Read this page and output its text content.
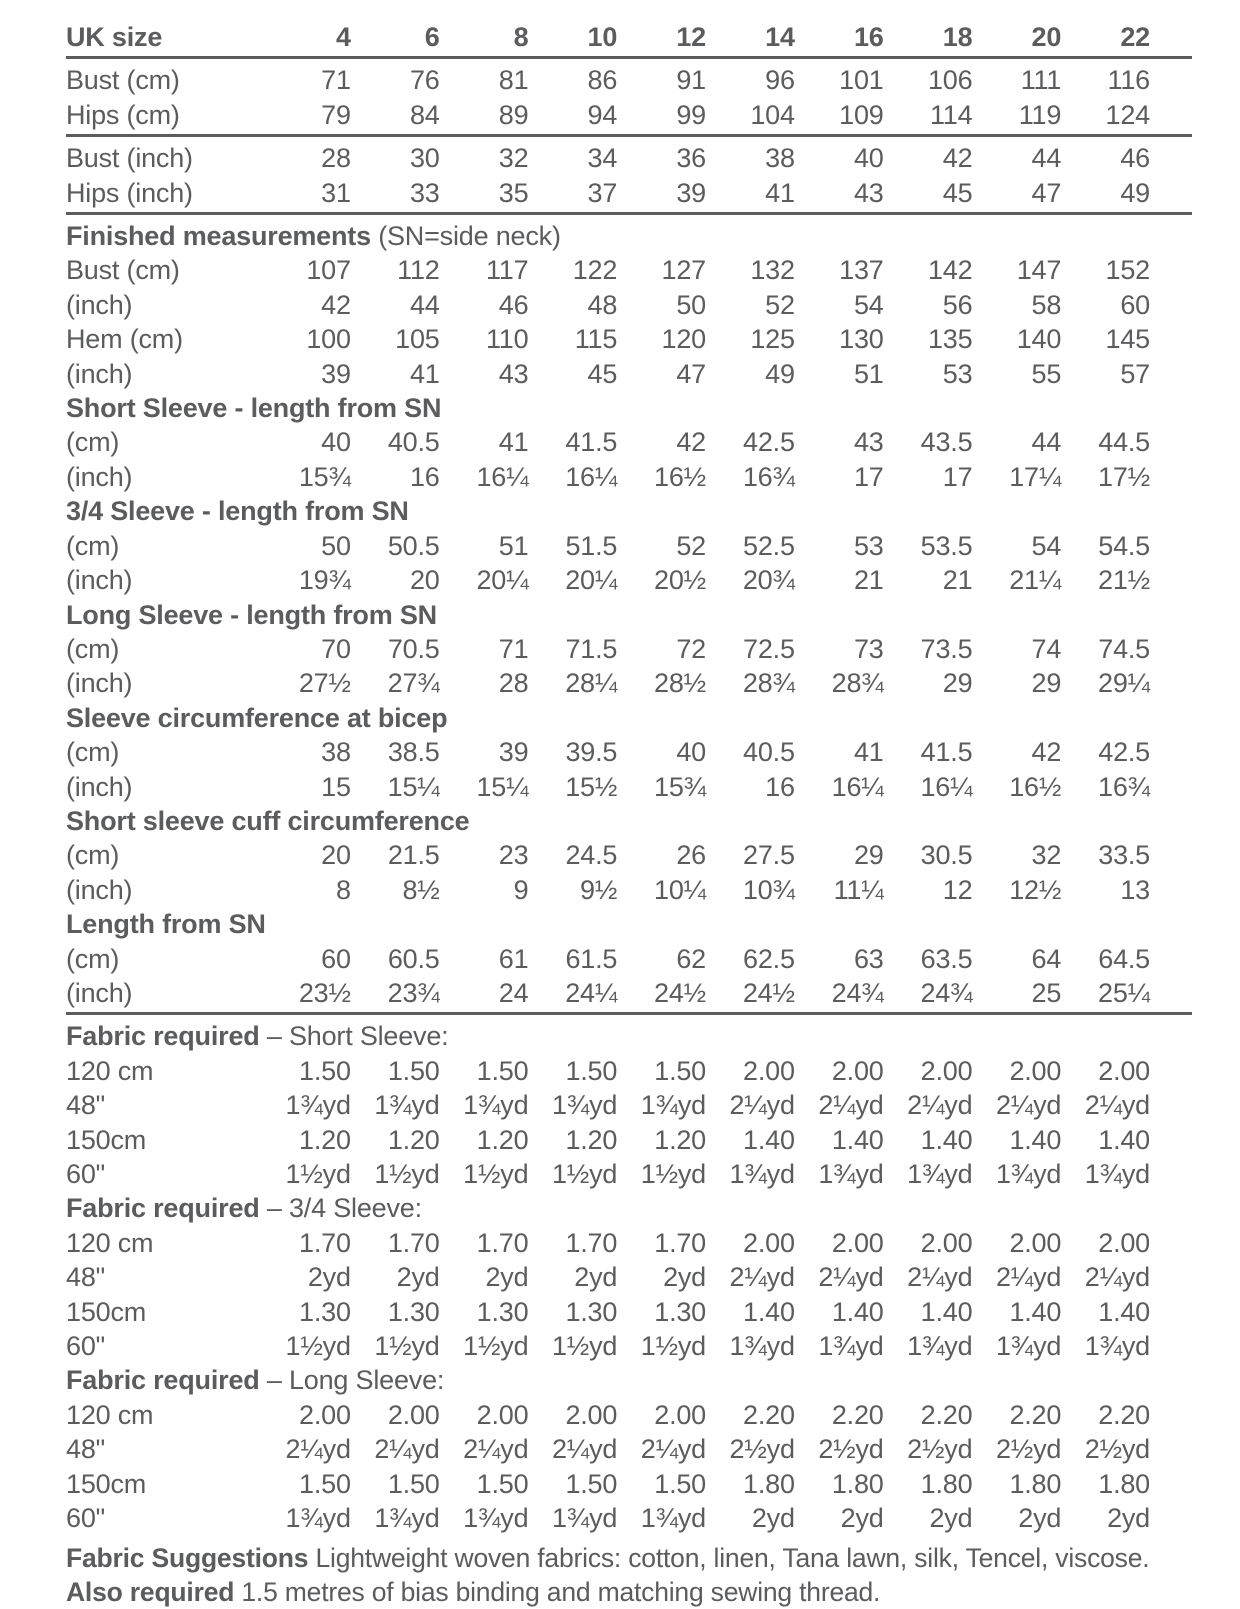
UK size	4	6	8	10	12	14	16	18	20	22
Bust (cm)	71	76	81	86	91	96	101	106	111	116
Hips (cm)	79	84	89	94	99	104	109	114	119	124
Bust (inch)	28	30	32	34	36	38	40	42	44	46
Hips (inch)	31	33	35	37	39	41	43	45	47	49
Finished measurements (SN=side neck)
Bust (cm)	107	112	117	122	127	132	137	142	147	152
(inch)	42	44	46	48	50	52	54	56	58	60
Hem (cm)	100	105	110	115	120	125	130	135	140	145
(inch)	39	41	43	45	47	49	51	53	55	57
Short Sleeve - length from SN
(cm)	40	40.5	41	41.5	42	42.5	43	43.5	44	44.5
(inch)	15¾	16	16¼	16¼	16½	16¾	17	17	17¼	17½
3/4 Sleeve - length from SN
(cm)	50	50.5	51	51.5	52	52.5	53	53.5	54	54.5
(inch)	19¾	20	20¼	20¼	20½	20¾	21	21	21¼	21½
Long Sleeve - length from SN
(cm)	70	70.5	71	71.5	72	72.5	73	73.5	74	74.5
(inch)	27½	27¾	28	28¼	28½	28¾	28¾	29	29	29¼
Sleeve circumference at bicep
(cm)	38	38.5	39	39.5	40	40.5	41	41.5	42	42.5
(inch)	15	15¼	15¼	15½	15¾	16	16¼	16¼	16½	16¾
Short sleeve cuff circumference
(cm)	20	21.5	23	24.5	26	27.5	29	30.5	32	33.5
(inch)	8	8½	9	9½	10¼	10¾	11¼	12	12½	13
Length from SN
(cm)	60	60.5	61	61.5	62	62.5	63	63.5	64	64.5
(inch)	23½	23¾	24	24¼	24½	24½	24¾	24¾	25	25¼
Fabric required – Short Sleeve:
120 cm	1.50	1.50	1.50	1.50	1.50	2.00	2.00	2.00	2.00	2.00
48"	1¾yd 1¾yd 1¾yd 1¾yd 1¾yd 2¼yd 2¼yd 2¼yd 2¼yd 2¼yd
150cm	1.20	1.20	1.20	1.20	1.20	1.40	1.40	1.40	1.40	1.40
60"	1½yd 1½yd 1½yd 1½yd 1½yd 1¾yd 1¾yd 1¾yd 1¾yd 1¾yd
Fabric required – 3/4 Sleeve:
120 cm	1.70	1.70	1.70	1.70	1.70	2.00	2.00	2.00	2.00	2.00
48"	2yd	2yd	2yd	2yd	2yd 2¼yd 2¼yd 2¼yd 2¼yd 2¼yd
150cm	1.30	1.30	1.30	1.30	1.30	1.40	1.40	1.40	1.40	1.40
60"	1½yd 1½yd 1½yd 1½yd 1½yd 1¾yd 1¾yd 1¾yd 1¾yd 1¾yd
Fabric required – Long Sleeve:
120 cm	2.00	2.00	2.00	2.00	2.00	2.20	2.20	2.20	2.20	2.20
48"	2¼yd 2¼yd 2¼yd 2¼yd 2¼yd 2½yd 2½yd 2½yd 2½yd 2½yd
150cm	1.50	1.50	1.50	1.50	1.50	1.80	1.80	1.80	1.80	1.80
60"	1¾yd 1¾yd 1¾yd 1¾yd 1¾yd	2yd	2yd	2yd	2yd	2yd

Fabric Suggestions Lightweight woven fabrics: cotton, linen, Tana lawn, silk, Tencel, viscose. Also required 1.5 metres of bias binding and matching sewing thread.
